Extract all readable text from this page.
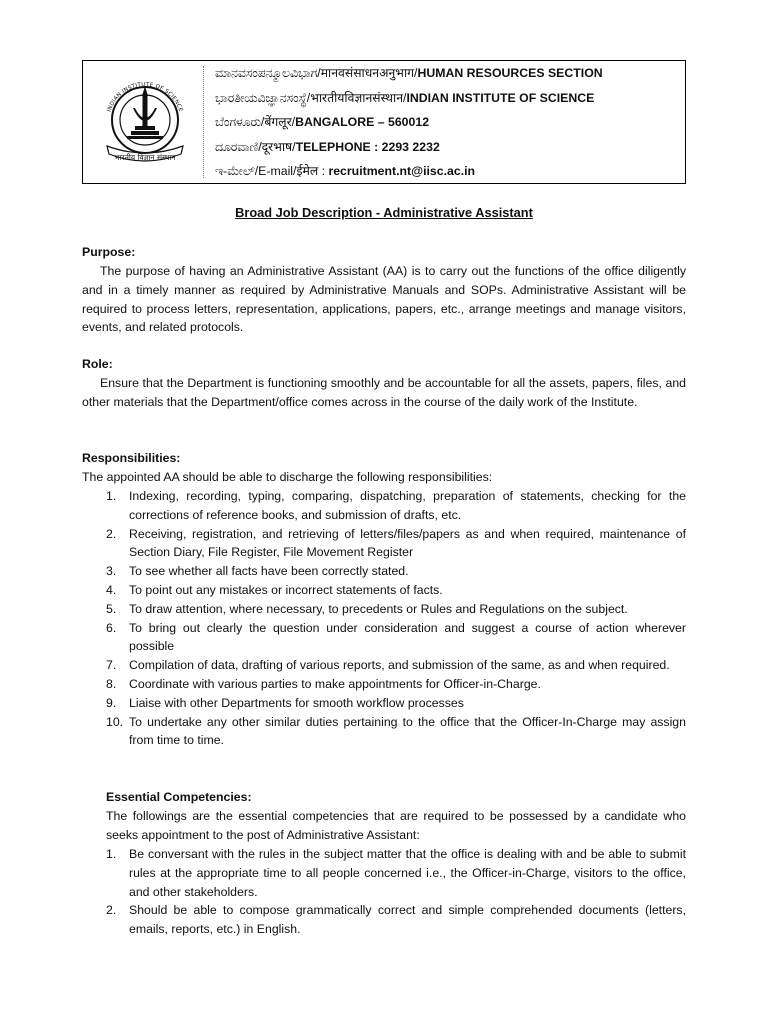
भारतीय विज्ञान संस्थान
INDIAN INSTITUTE OF SCIENCE
ಮಾನವಸಂಪನ್ಮೂಲವಿಭಾಗ/मानवसंसाधनअनुभाग/HUMAN RESOURCES SECTION
ಭಾರತೀಯವಿಜ್ಞಾನಸಂಸ್ಥೆ/भारतीयविज्ञानसंस्थान/INDIAN INSTITUTE OF SCIENCE
ಬೆಂಗಳೂರು/बेंगलूर/BANGALORE – 560012
ದೂರವಾಣಿ/दूरभाष/TELEPHONE : 2293 2232
ಇ-ಮೇಲ್/E-mail/ईमेल : recruitment.nt@iisc.ac.in
Broad Job Description - Administrative Assistant
Purpose:
The purpose of having an Administrative Assistant (AA) is to carry out the functions of the office diligently and in a timely manner as required by Administrative Manuals and SOPs. Administrative Assistant will be required to process letters, representation, applications, papers, etc., arrange meetings and manage visitors, events, and related protocols.
Role:
Ensure that the Department is functioning smoothly and be accountable for all the assets, papers, files, and other materials that the Department/office comes across in the course of the daily work of the Institute.
Responsibilities:
The appointed AA should be able to discharge the following responsibilities:
1. Indexing, recording, typing, comparing, dispatching, preparation of statements, checking for the corrections of reference books, and submission of drafts, etc.
2. Receiving, registration, and retrieving of letters/files/papers as and when required, maintenance of Section Diary, File Register, File Movement Register
3. To see whether all facts have been correctly stated.
4. To point out any mistakes or incorrect statements of facts.
5. To draw attention, where necessary, to precedents or Rules and Regulations on the subject.
6. To bring out clearly the question under consideration and suggest a course of action wherever possible
7. Compilation of data, drafting of various reports, and submission of the same, as and when required.
8. Coordinate with various parties to make appointments for Officer-in-Charge.
9. Liaise with other Departments for smooth workflow processes
10. To undertake any other similar duties pertaining to the office that the Officer-In-Charge may assign from time to time.
Essential Competencies:
The followings are the essential competencies that are required to be possessed by a candidate who seeks appointment to the post of Administrative Assistant:
1. Be conversant with the rules in the subject matter that the office is dealing with and be able to submit rules at the appropriate time to all people concerned i.e., the Officer-in-Charge, visitors to the office, and other stakeholders.
2. Should be able to compose grammatically correct and simple comprehended documents (letters, emails, reports, etc.) in English.
